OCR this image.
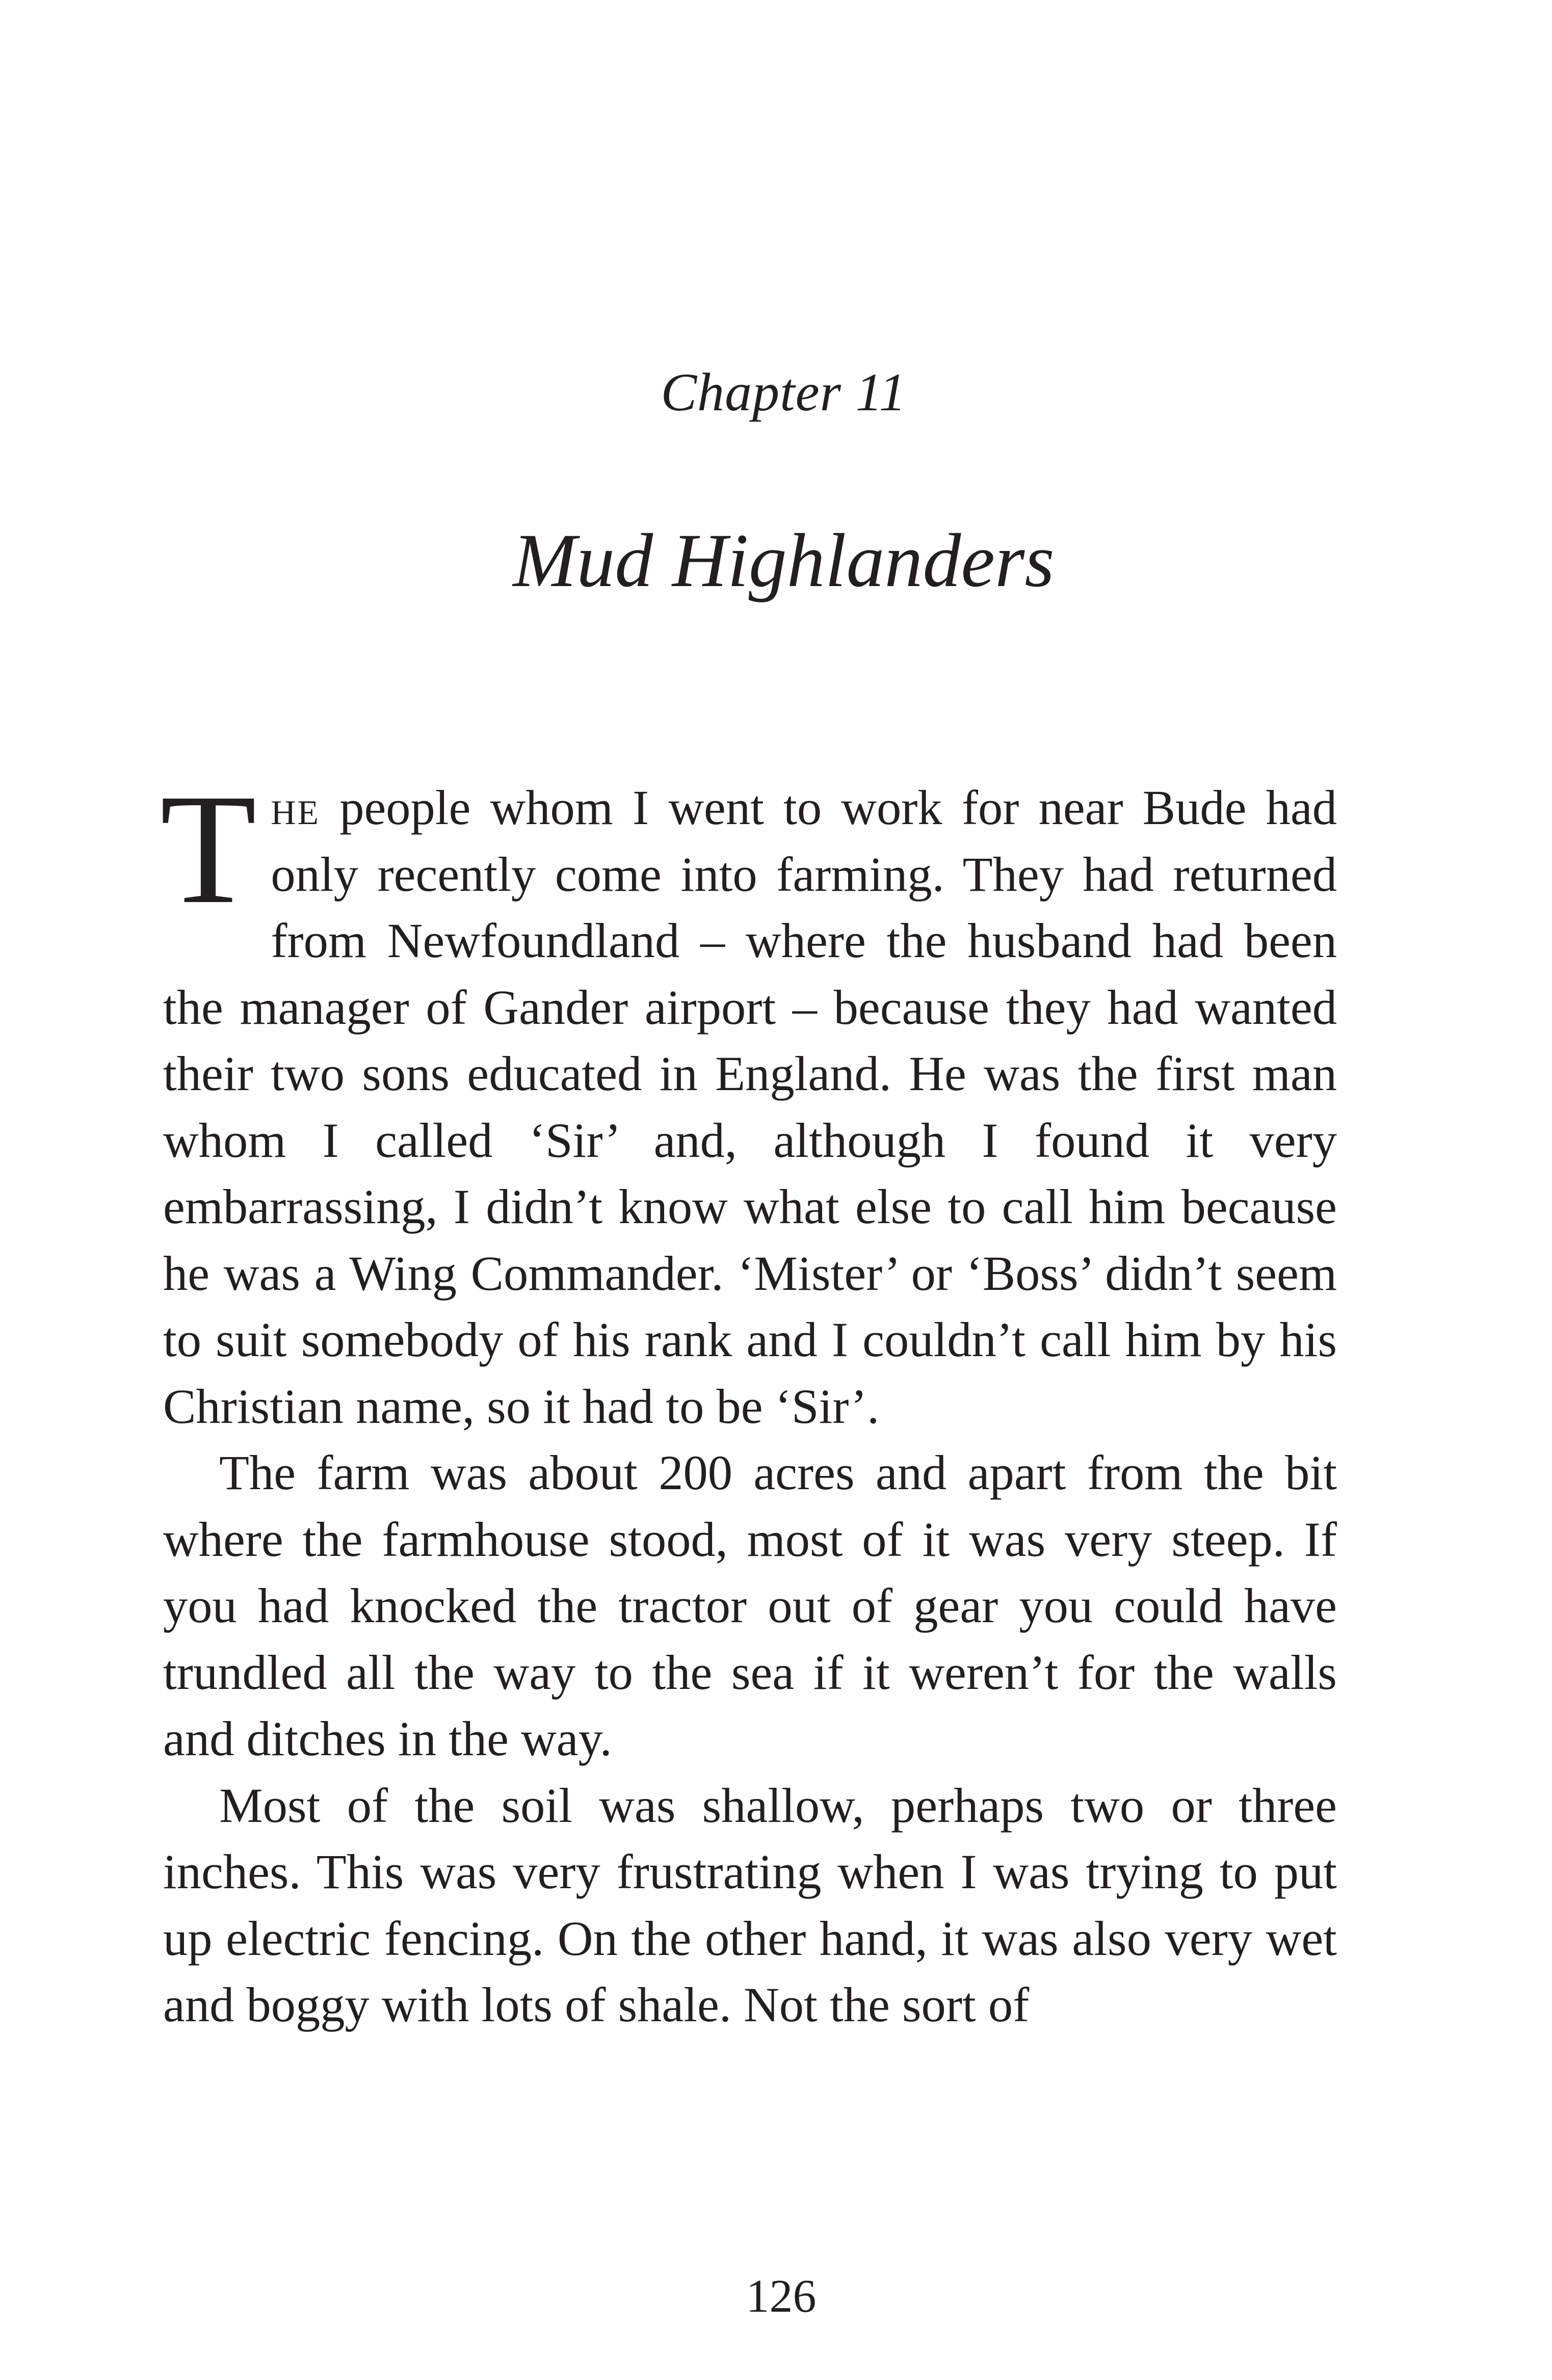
Chapter 11
Mud Highlanders

The people whom I went to work for near Bude had only recently come into farming. They had returned from Newfoundland – where the husband had been the manager of Gander airport – because they had wanted their two sons educated in England. He was the first man whom I called ‘Sir’ and, although I found it very embarrassing, I didn’t know what else to call him because he was a Wing Commander. ‘Mister’ or ‘Boss’ didn’t seem to suit somebody of his rank and I couldn’t call him by his Christian name, so it had to be ‘Sir’.

The farm was about 200 acres and apart from the bit where the farmhouse stood, most of it was very steep. If you had knocked the tractor out of gear you could have trundled all the way to the sea if it weren’t for the walls and ditches in the way.

Most of the soil was shallow, perhaps two or three inches. This was very frustrating when I was trying to put up electric fencing. On the other hand, it was also very wet and boggy with lots of shale. Not the sort of

126
